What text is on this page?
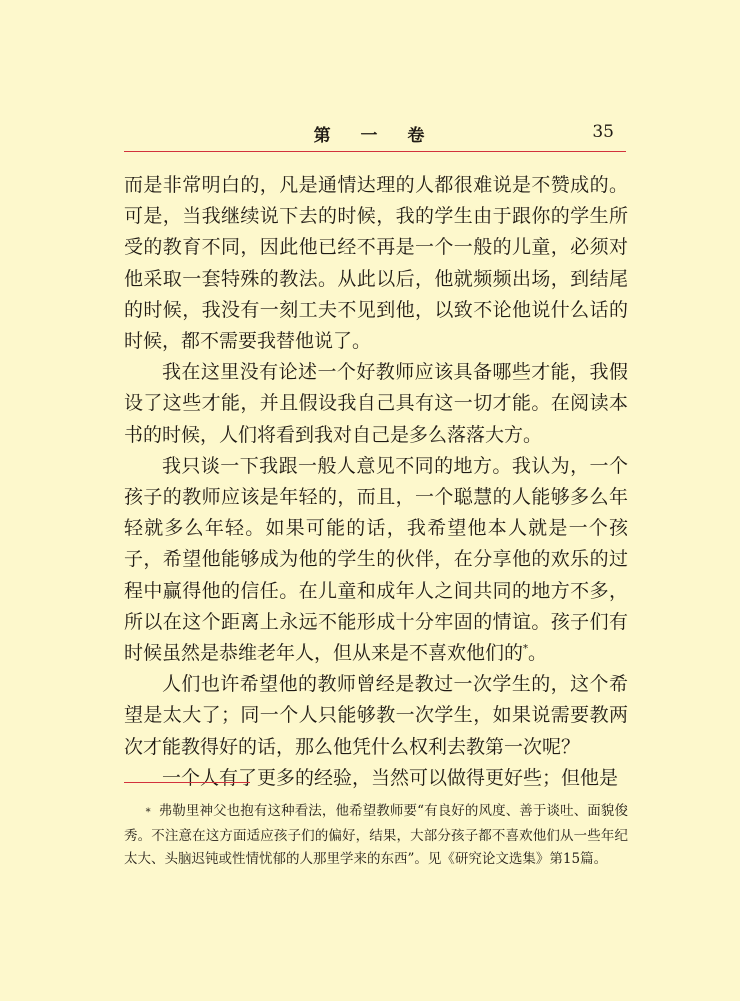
第 一 卷	35

而是非常明白的，凡是通情达理的人都很难说是不赞成的。可是，当我继续说下去的时候，我的学生由于跟你的学生所受的教育不同，因此他已经不再是一个一般的儿童，必须对他采取一套特殊的教法。从此以后，他就频频出场，到结尾的时候，我没有一刻工夫不见到他，以致不论他说什么话的时候，都不需要我替他说了。

我在这里没有论述一个好教师应该具备哪些才能，我假设了这些才能，并且假设我自己具有这一切才能。在阅读本书的时候，人们将看到我对自己是多么落落大方。

我只谈一下我跟一般人意见不同的地方。我认为，一个孩子的教师应该是年轻的，而且，一个聪慧的人能够多么年轻就多么年轻。如果可能的话，我希望他本人就是一个孩子，希望他能够成为他的学生的伙伴，在分享他的欢乐的过程中赢得他的信任。在儿童和成年人之间共同的地方不多，所以在这个距离上永远不能形成十分牢固的情谊。孩子们有时候虽然是恭维老年人，但从来是不喜欢他们的*。

人们也许希望他的教师曾经是教过一次学生的，这个希望是太大了；同一个人只能够教一次学生，如果说需要教两次才能教得好的话，那么他凭什么权利去教第一次呢？

一个人有了更多的经验，当然可以做得更好些；但他是

* 弗勒里神父也抱有这种看法，他希望教师要“有良好的风度、善于谈吐、面貌俊秀。不注意在这方面适应孩子们的偏好，结果，大部分孩子都不喜欢他们从一些年纪太大、头脑迟钝或性情忧郁的人那里学来的东西”。见《研究论文选集》第15篇。
